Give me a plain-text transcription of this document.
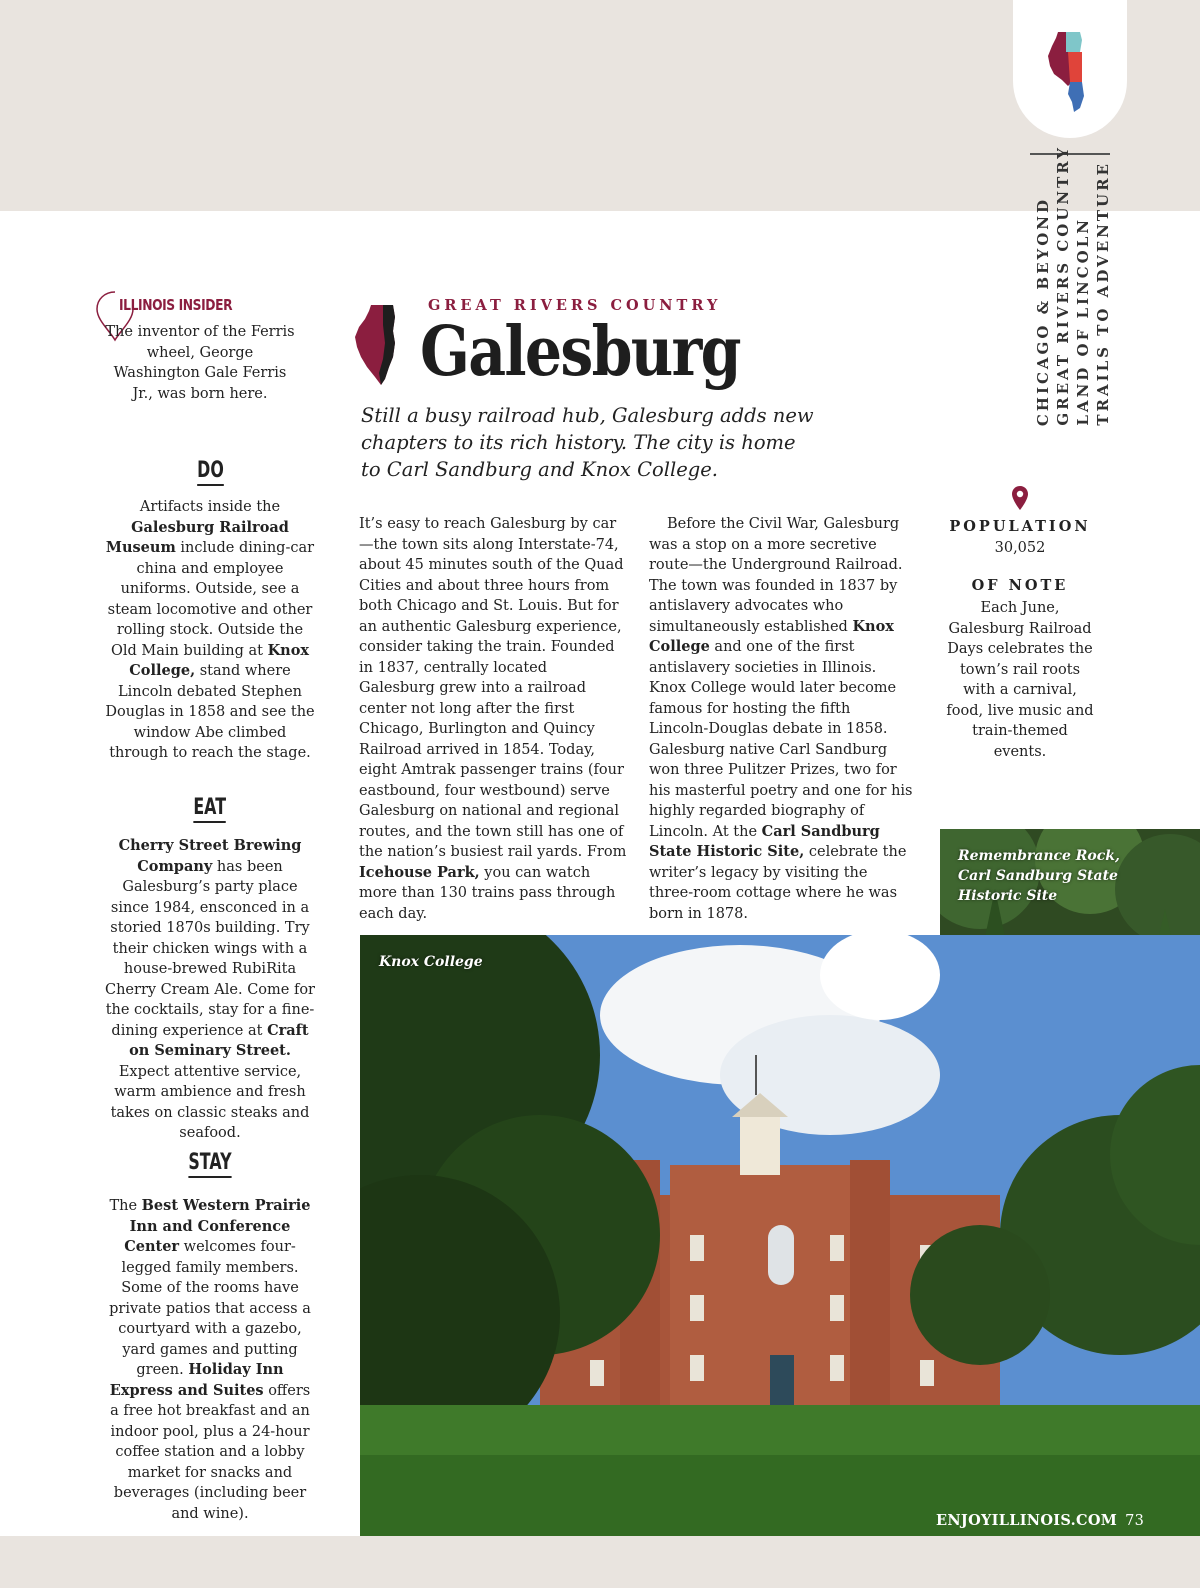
CHICAGO & BEYOND GREAT RIVERS COUNTRY LAND OF LINCOLN TRAILS TO ADVENTURE
ILLINOIS INSIDER
The inventor of the Ferris wheel, George Washington Gale Ferris Jr., was born here.
DO
Artifacts inside the Galesburg Railroad Museum include dining-car china and employee uniforms. Outside, see a steam locomotive and other rolling stock. Outside the Old Main building at Knox College, stand where Lincoln debated Stephen Douglas in 1858 and see the window Abe climbed through to reach the stage.
EAT
Cherry Street Brewing Company has been Galesburg’s party place since 1984, ensconced in a storied 1870s building. Try their chicken wings with a house-brewed RubiRita Cherry Cream Ale. Come for the cocktails, stay for a fine-dining experience at Craft on Seminary Street. Expect attentive service, warm ambience and fresh takes on classic steaks and seafood.
STAY
The Best Western Prairie Inn and Conference Center welcomes four-legged family members. Some of the rooms have private patios that access a courtyard with a gazebo, yard games and putting green. Holiday Inn Express and Suites offers a free hot breakfast and an indoor pool, plus a 24-hour coffee station and a lobby market for snacks and beverages (including beer and wine).
GREAT RIVERS COUNTRY
Galesburg
Still a busy railroad hub, Galesburg adds new chapters to its rich history. The city is home to Carl Sandburg and Knox College.
It’s easy to reach Galesburg by car—the town sits along Interstate-74, about 45 minutes south of the Quad Cities and about three hours from both Chicago and St. Louis. But for an authentic Galesburg experience, consider taking the train. Founded in 1837, centrally located Galesburg grew into a railroad center not long after the first Chicago, Burlington and Quincy Railroad arrived in 1854. Today, eight Amtrak passenger trains (four eastbound, four westbound) serve Galesburg on national and regional routes, and the town still has one of the nation’s busiest rail yards. From Icehouse Park, you can watch more than 130 trains pass through each day.
Before the Civil War, Galesburg was a stop on a more secretive route—the Underground Railroad. The town was founded in 1837 by antislavery advocates who simultaneously established Knox College and one of the first antislavery societies in Illinois. Knox College would later become famous for hosting the fifth Lincoln-Douglas debate in 1858. Galesburg native Carl Sandburg won three Pulitzer Prizes, two for his masterful poetry and one for his highly regarded biography of Lincoln. At the Carl Sandburg State Historic Site, celebrate the writer’s legacy by visiting the three-room cottage where he was born in 1878.
POPULATION
30,052
OF NOTE
Each June, Galesburg Railroad Days celebrates the town’s rail roots with a carnival, food, live music and train-themed events.
Remembrance Rock, Carl Sandburg State Historic Site
Knox College
ENJOYILLINOIS.COM 73
